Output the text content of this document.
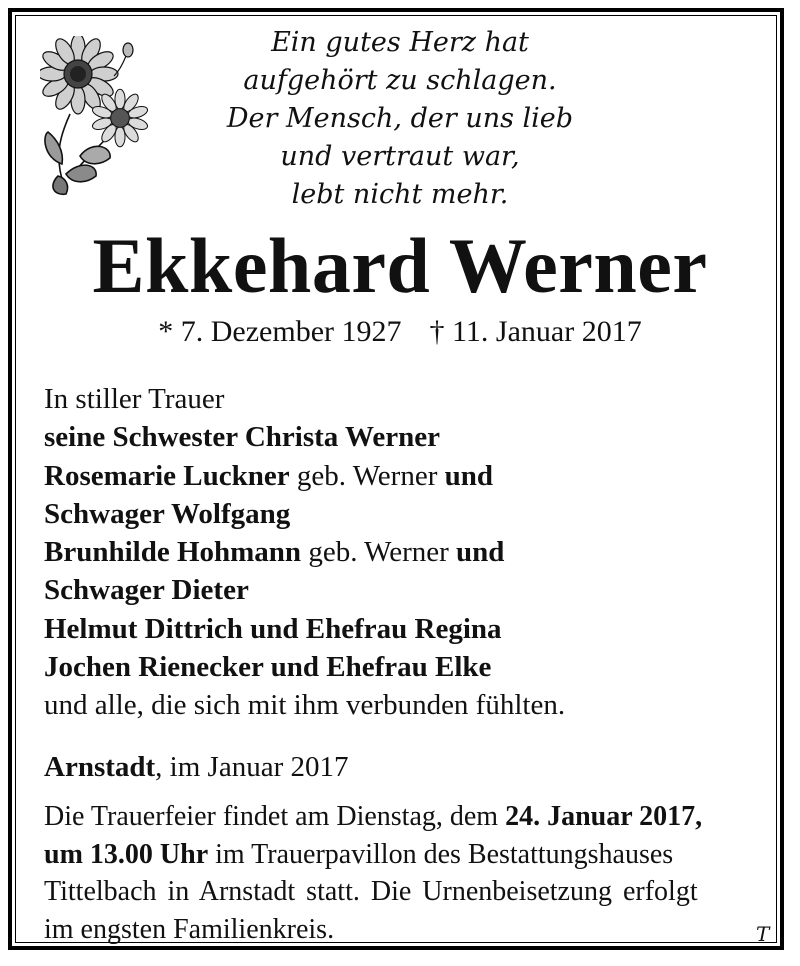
Ein gutes Herz hat
aufgehört zu schlagen.
Der Mensch, der uns lieb
und vertraut war,
lebt nicht mehr.
Ekkehard Werner
* 7. Dezember 1927 † 11. Januar 2017
In stiller Trauer
seine Schwester Christa Werner
Rosemarie Luckner geb. Werner und
Schwager Wolfgang
Brunhilde Hohmann geb. Werner und
Schwager Dieter
Helmut Dittrich und Ehefrau Regina
Jochen Rienecker und Ehefrau Elke
und alle, die sich mit ihm verbunden fühlten.
Arnstadt, im Januar 2017
Die Trauerfeier findet am Dienstag, dem 24. Januar 2017,
um 13.00 Uhr im Trauerpavillon des Bestattungshauses
Tittelbach in Arnstadt statt. Die Urnenbeisetzung erfolgt
im engsten Familienkreis.	T
